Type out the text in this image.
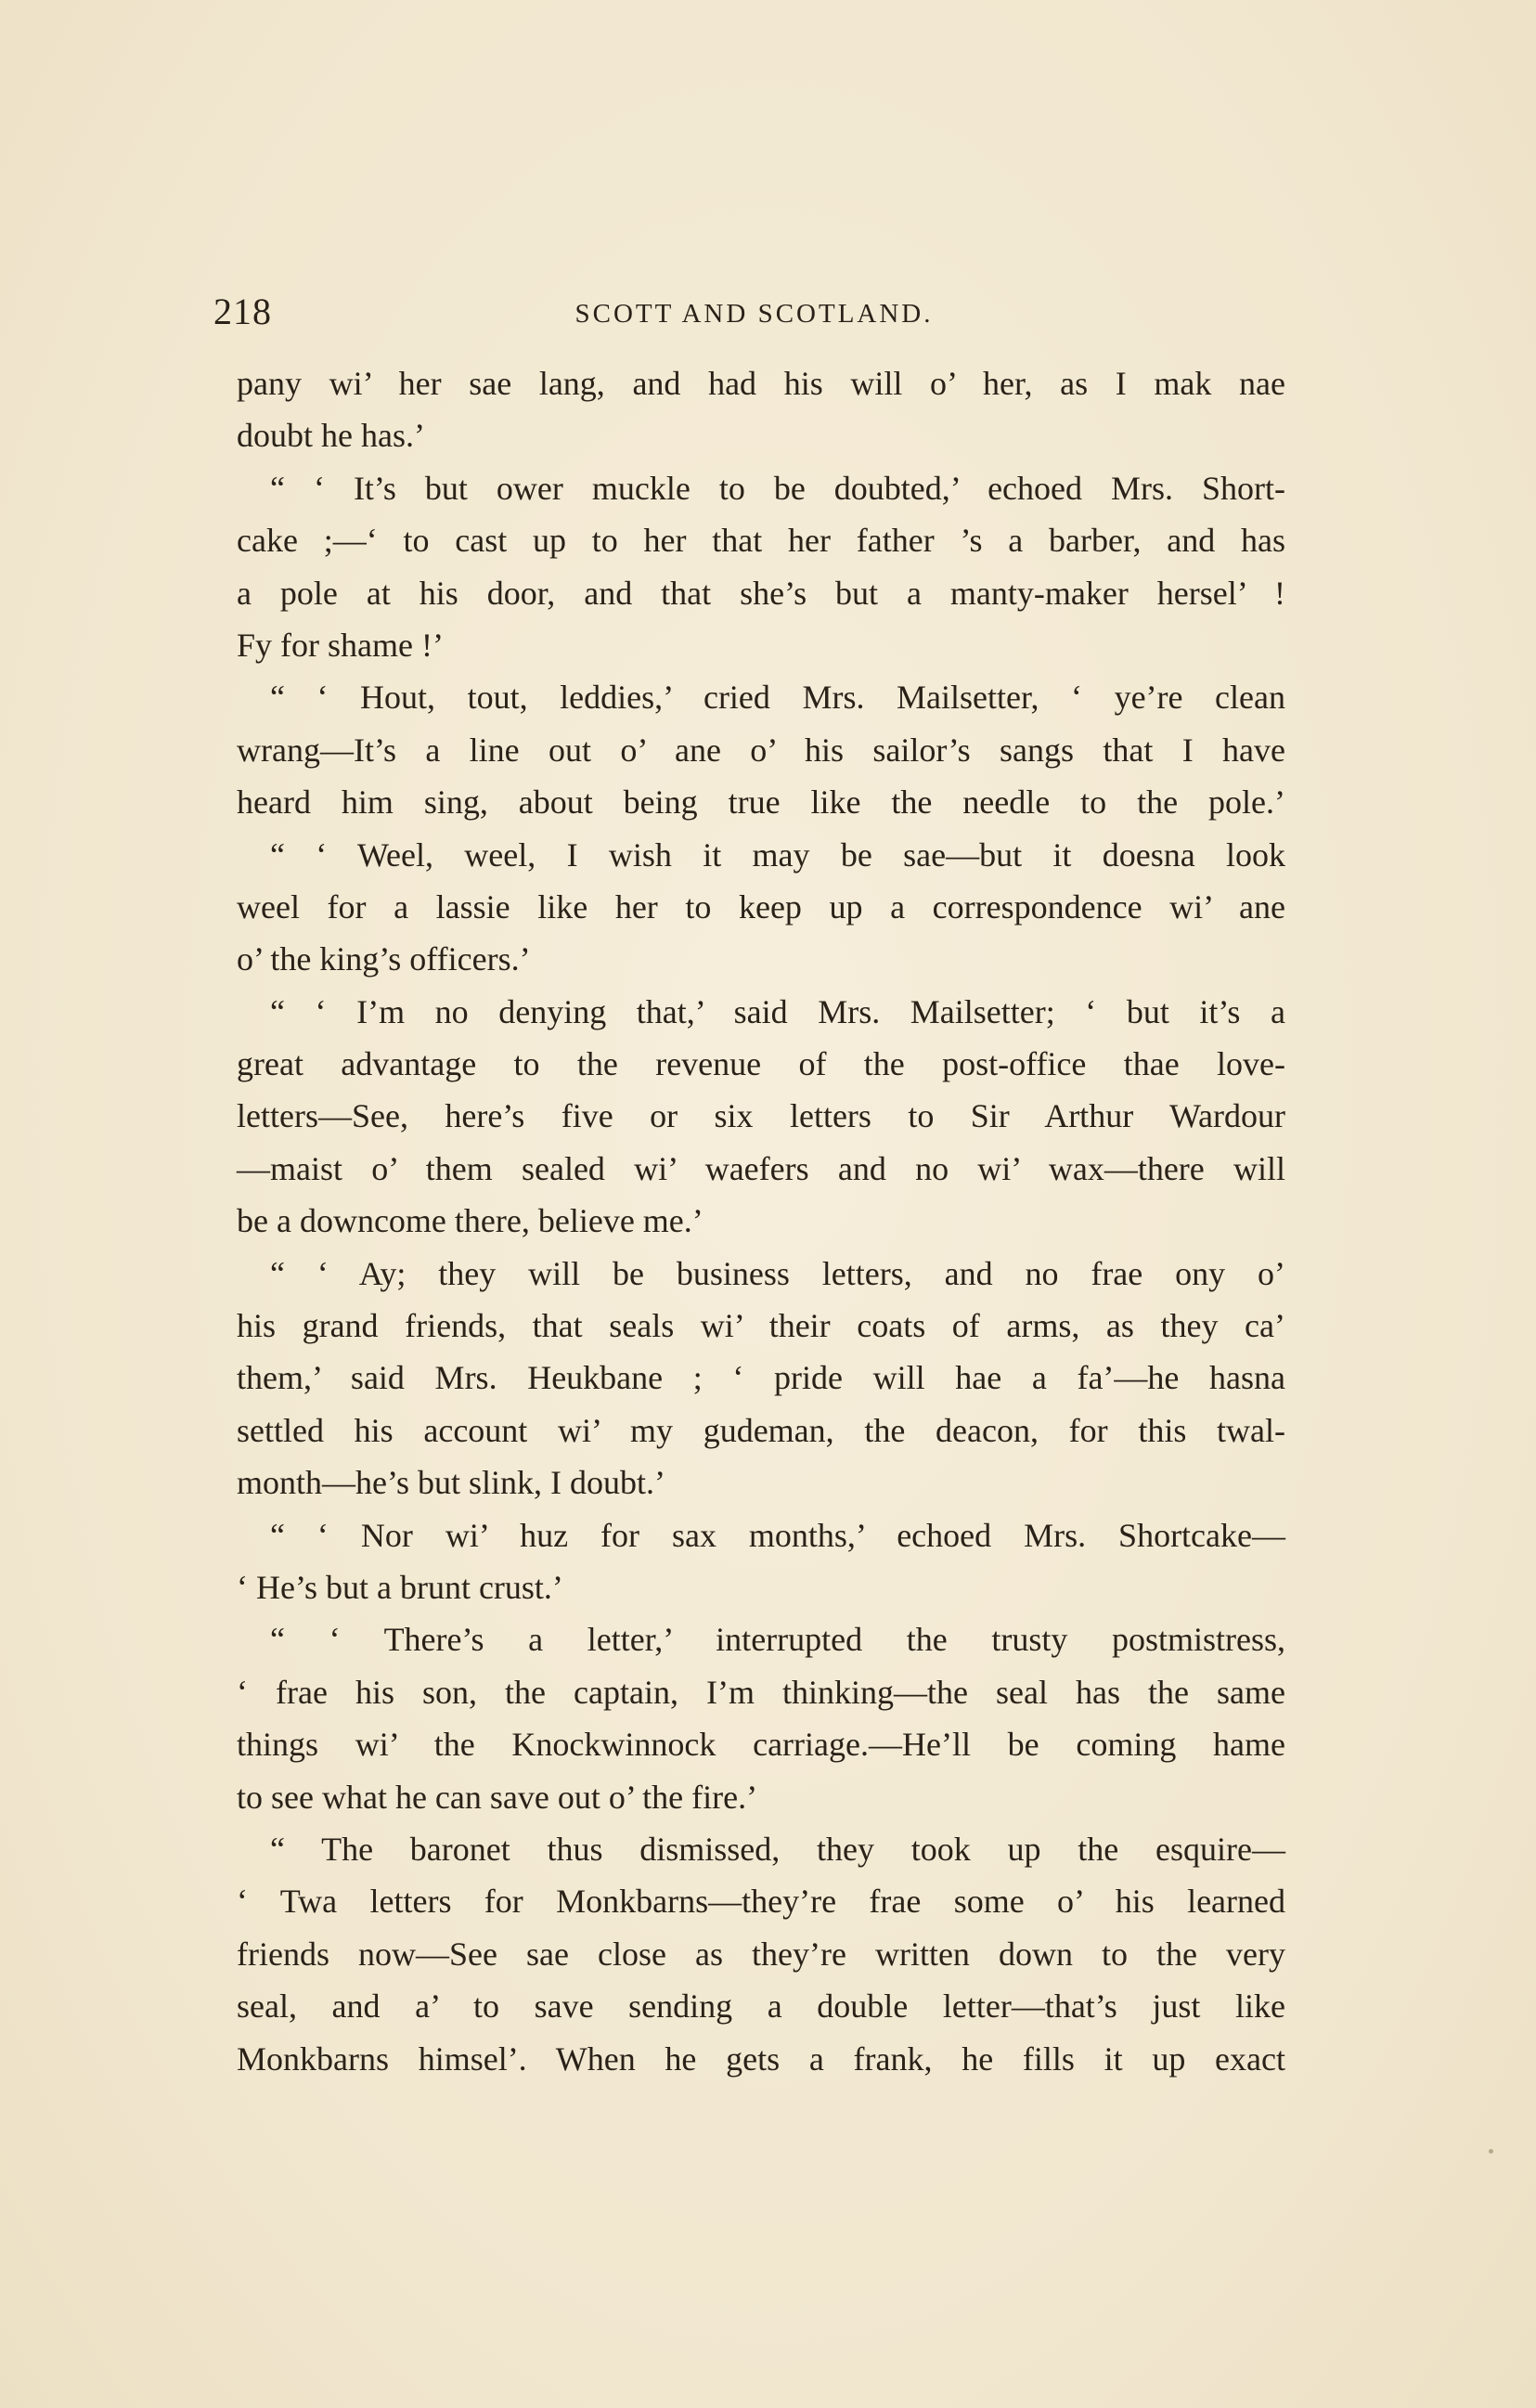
218	SCOTT AND SCOTLAND.
pany wi’ her sae lang, and had his will o’ her, as I mak nae
doubt he has.’
“ ‘ It’s but ower muckle to be doubted,’ echoed Mrs. Short-
cake ;—‘ to cast up to her that her father ’s a barber, and has
a pole at his door, and that she’s but a manty-maker hersel’ !
Fy for shame !’
“ ‘ Hout, tout, leddies,’ cried Mrs. Mailsetter, ‘ ye’re clean
wrang—It’s a line out o’ ane o’ his sailor’s sangs that I have
heard him sing, about being true like the needle to the pole.’
“ ‘ Weel, weel, I wish it may be sae—but it doesna look
weel for a lassie like her to keep up a correspondence wi’ ane
o’ the king’s officers.’
“ ‘ I’m no denying that,’ said Mrs. Mailsetter; ‘ but it’s a
great advantage to the revenue of the post-office thae love-
letters—See, here’s five or six letters to Sir Arthur Wardour
—maist o’ them sealed wi’ waefers and no wi’ wax—there will
be a downcome there, believe me.’
“ ‘ Ay; they will be business letters, and no frae ony o’
his grand friends, that seals wi’ their coats of arms, as they ca’
them,’ said Mrs. Heukbane ; ‘ pride will hae a fa’—he hasna
settled his account wi’ my gudeman, the deacon, for this twal-
month—he’s but slink, I doubt.’
“ ‘ Nor wi’ huz for sax months,’ echoed Mrs. Shortcake—
‘ He’s but a brunt crust.’
“ ‘ There’s a letter,’ interrupted the trusty postmistress,
‘ frae his son, the captain, I’m thinking—the seal has the same
things wi’ the Knockwinnock carriage.—He’ll be coming hame
to see what he can save out o’ the fire.’
“ The baronet thus dismissed, they took up the esquire—
‘ Twa letters for Monkbarns—they’re frae some o’ his learned
friends now—See sae close as they’re written down to the very
seal, and a’ to save sending a double letter—that’s just like
Monkbarns himsel’. When he gets a frank, he fills it up exact
